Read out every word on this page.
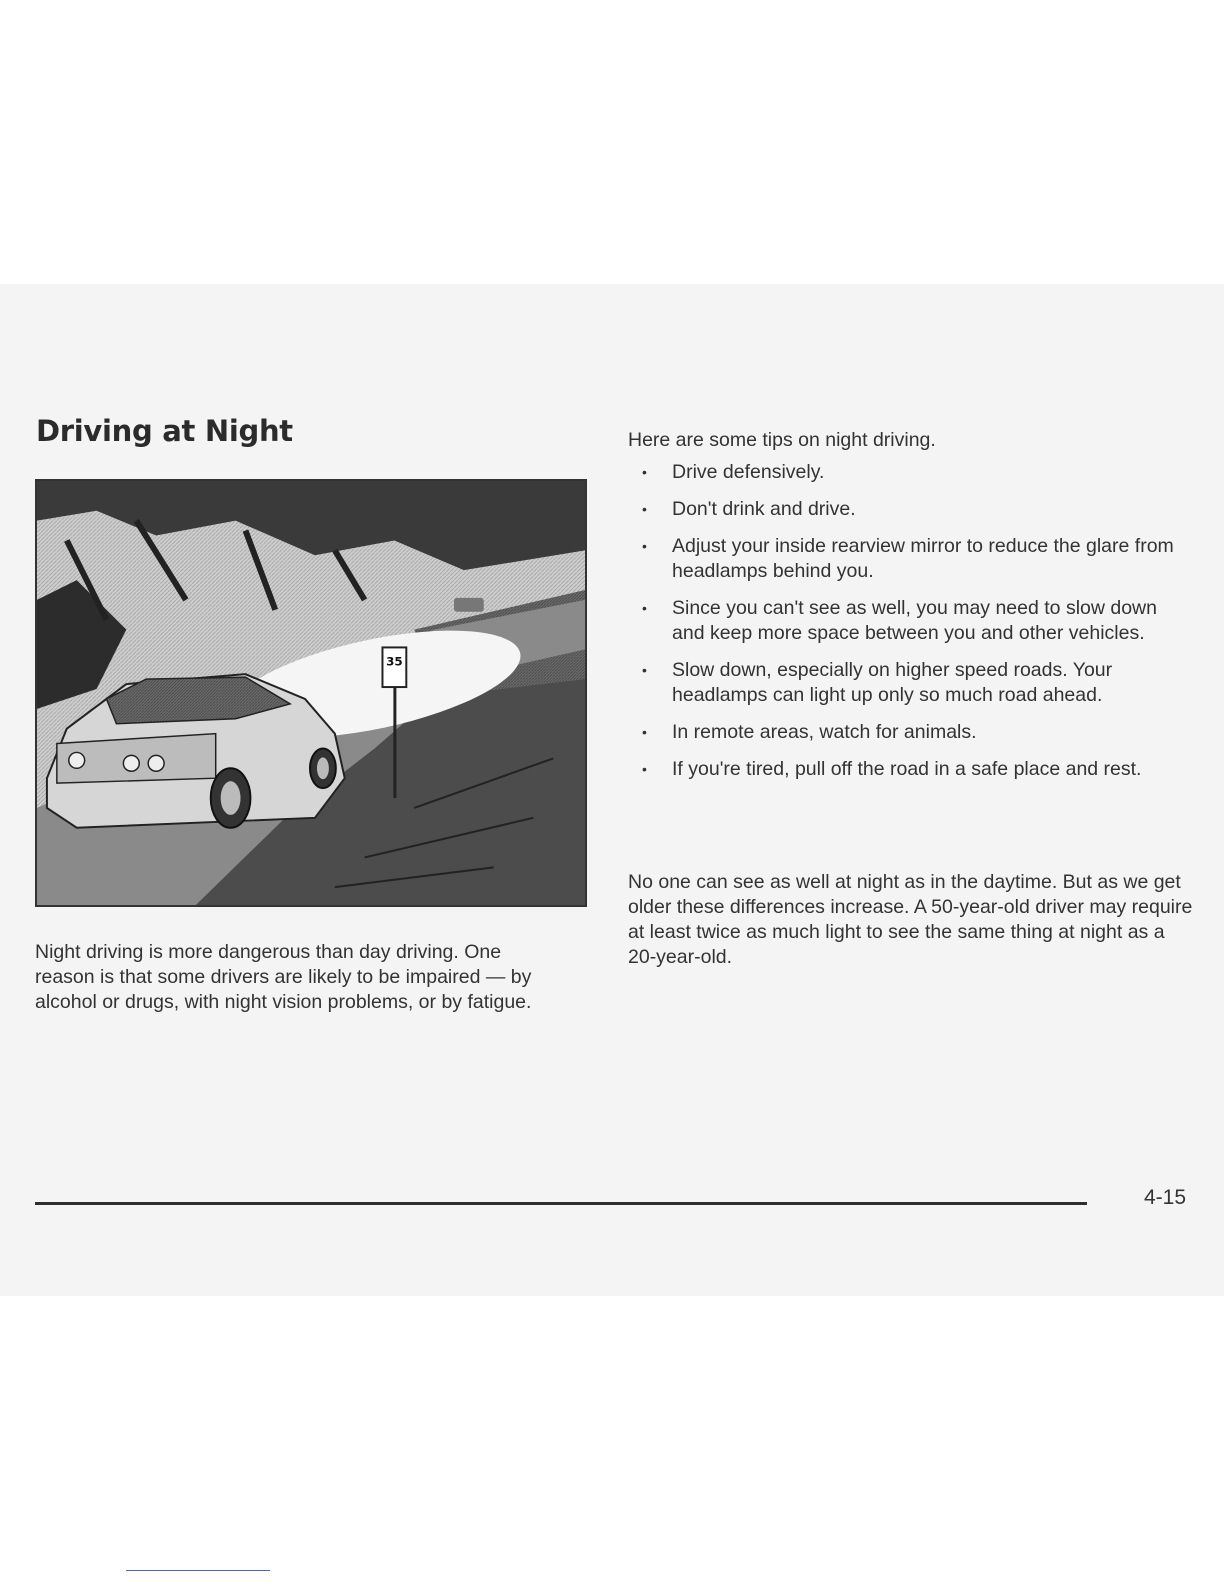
Driving at Night
35

Night driving is more dangerous than day driving. One reason is that some drivers are likely to be impaired — by alcohol or drugs, with night vision problems, or by fatigue.

Here are some tips on night driving.

• Drive defensively.
• Don't drink and drive.
• Adjust your inside rearview mirror to reduce the glare from headlamps behind you.
• Since you can't see as well, you may need to slow down and keep more space between you and other vehicles.
• Slow down, especially on higher speed roads. Your headlamps can light up only so much road ahead.
• In remote areas, watch for animals.
• If you're tired, pull off the road in a safe place and rest.

No one can see as well at night as in the daytime. But as we get older these differences increase. A 50-year-old driver may require at least twice as much light to see the same thing at night as a 20-year-old.

4-15
